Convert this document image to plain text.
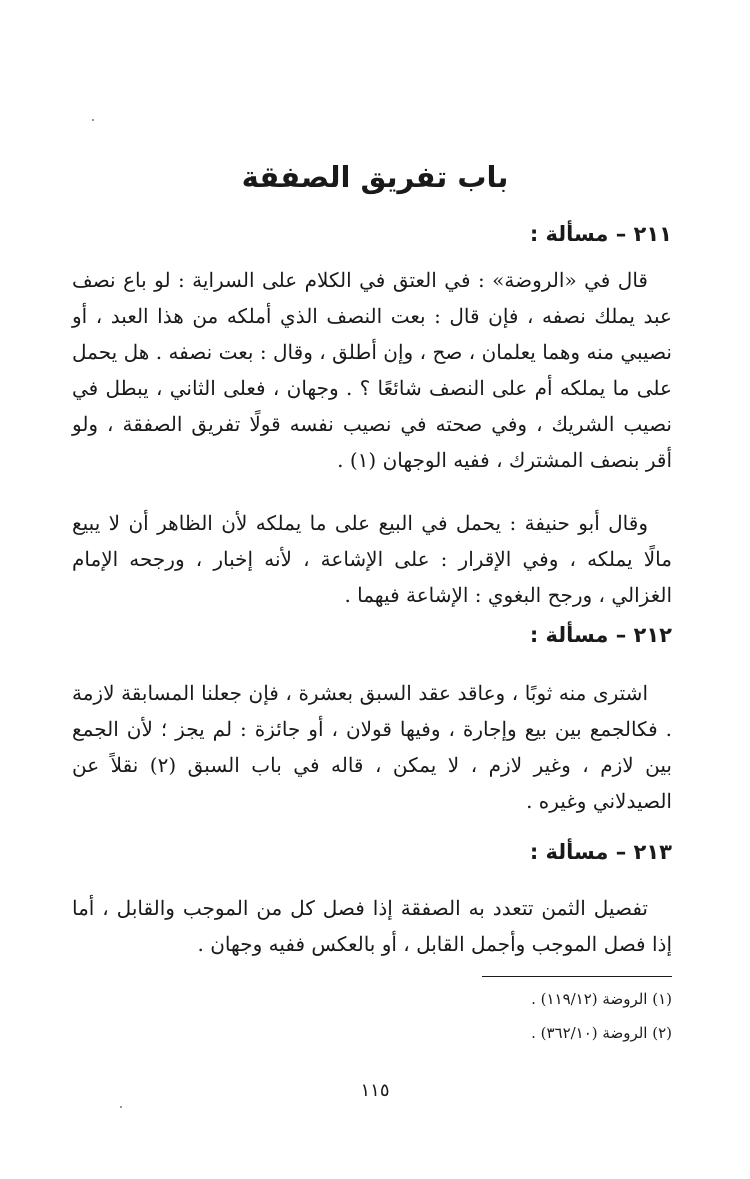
باب تفريق الصفقة
٢١١ – مسألة :

قال في «الروضة» : في العتق في الكلام على السراية : لو باع نصف عبد يملك نصفه ، فإن قال : بعت النصف الذي أملكه من هذا العبد ، أو نصيبي منه وهما يعلمان ، صح ، وإن أطلق ، وقال : بعت نصفه . هل يحمل على ما يملكه أم على النصف شائعًا ؟ . وجهان ، فعلى الثاني ، يبطل في نصيب الشريك ، وفي صحته في نصيب نفسه قولًا تفريق الصفقة ، ولو أقر بنصف المشترك ، ففيه الوجهان (١) .

وقال أبو حنيفة : يحمل في البيع على ما يملكه لأن الظاهر أن لا يبيع مالًا يملكه ، وفي الإقرار : على الإشاعة ، لأنه إخبار ، ورجحه الإمام الغزالي ، ورجح البغوي : الإشاعة فيهما .

٢١٢ – مسألة :

اشترى منه ثوبًا ، وعاقد عقد السبق بعشرة ، فإن جعلنا المسابقة لازمة . فكالجمع بين بيع وإجارة ، وفيها قولان ، أو جائزة : لم يجز ؛ لأن الجمع بين لازم ، وغير لازم ، لا يمكن ، قاله في باب السبق (٢) نقلاً عن الصيدلاني وغيره .

٢١٣ – مسألة :

تفصيل الثمن تتعدد به الصفقة إذا فصل كل من الموجب والقابل ، أما إذا فصل الموجب وأجمل القابل ، أو بالعكس ففيه وجهان .

(١) الروضة (١١٩/١٢) .
(٢) الروضة (٣٦٢/١٠) .
١١٥
